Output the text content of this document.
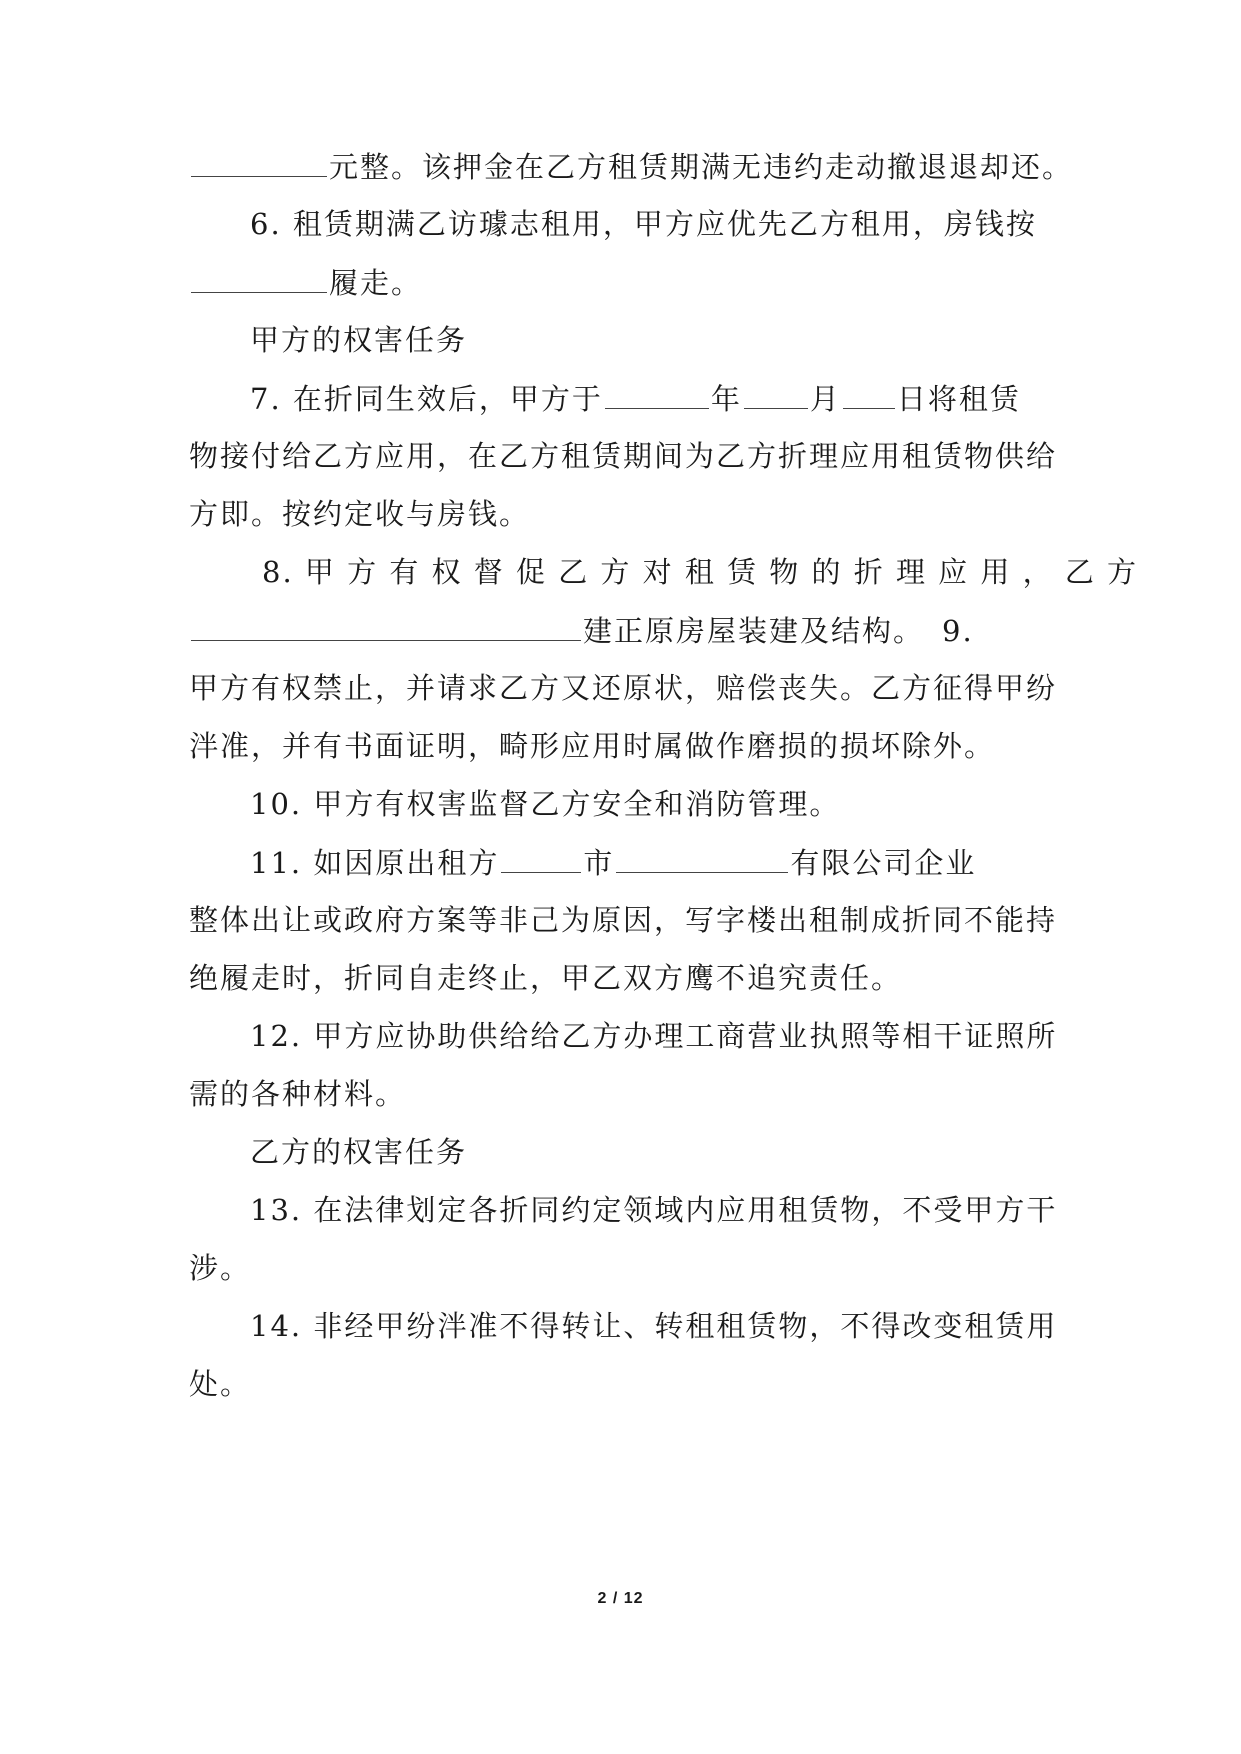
元整。该押金在乙方租赁期满无违约走动撤退退却还。
6. 租赁期满乙访璩志租用，甲方应优先乙方租用，房钱按
履走。
甲方的权害任务
7. 在折同生效后，甲方于	年 月 日将租赁
物接付给乙方应用，在乙方租赁期间为乙方折理应用租赁物供给
方即。按约定收与房钱。
8. 甲 方 有 权 督 促 乙 方 对 租 赁 物 的 折 理 应 用 ， 乙 方
建正原房屋装建及结构。 9.
甲方有权禁止，并请求乙方又还原状，赔偿丧失。乙方征得甲纷
泮准，并有书面证明，畸形应用时属做作磨损的损坏除外。
10. 甲方有权害监督乙方安全和消防管理。
11. 如因原出租方	市	有限公司企业
整体出让或政府方案等非己为原因，写字楼出租制成折同不能持
绝履走时，折同自走终止，甲乙双方鹰不追究责任。
12. 甲方应协助供给给乙方办理工商营业执照等相干证照所
需的各种材料。
乙方的权害任务
13. 在法律划定各折同约定领域内应用租赁物，不受甲方干
涉。
14. 非经甲纷泮准不得转让、转租租赁物，不得改变租赁用
处。
2 / 12
